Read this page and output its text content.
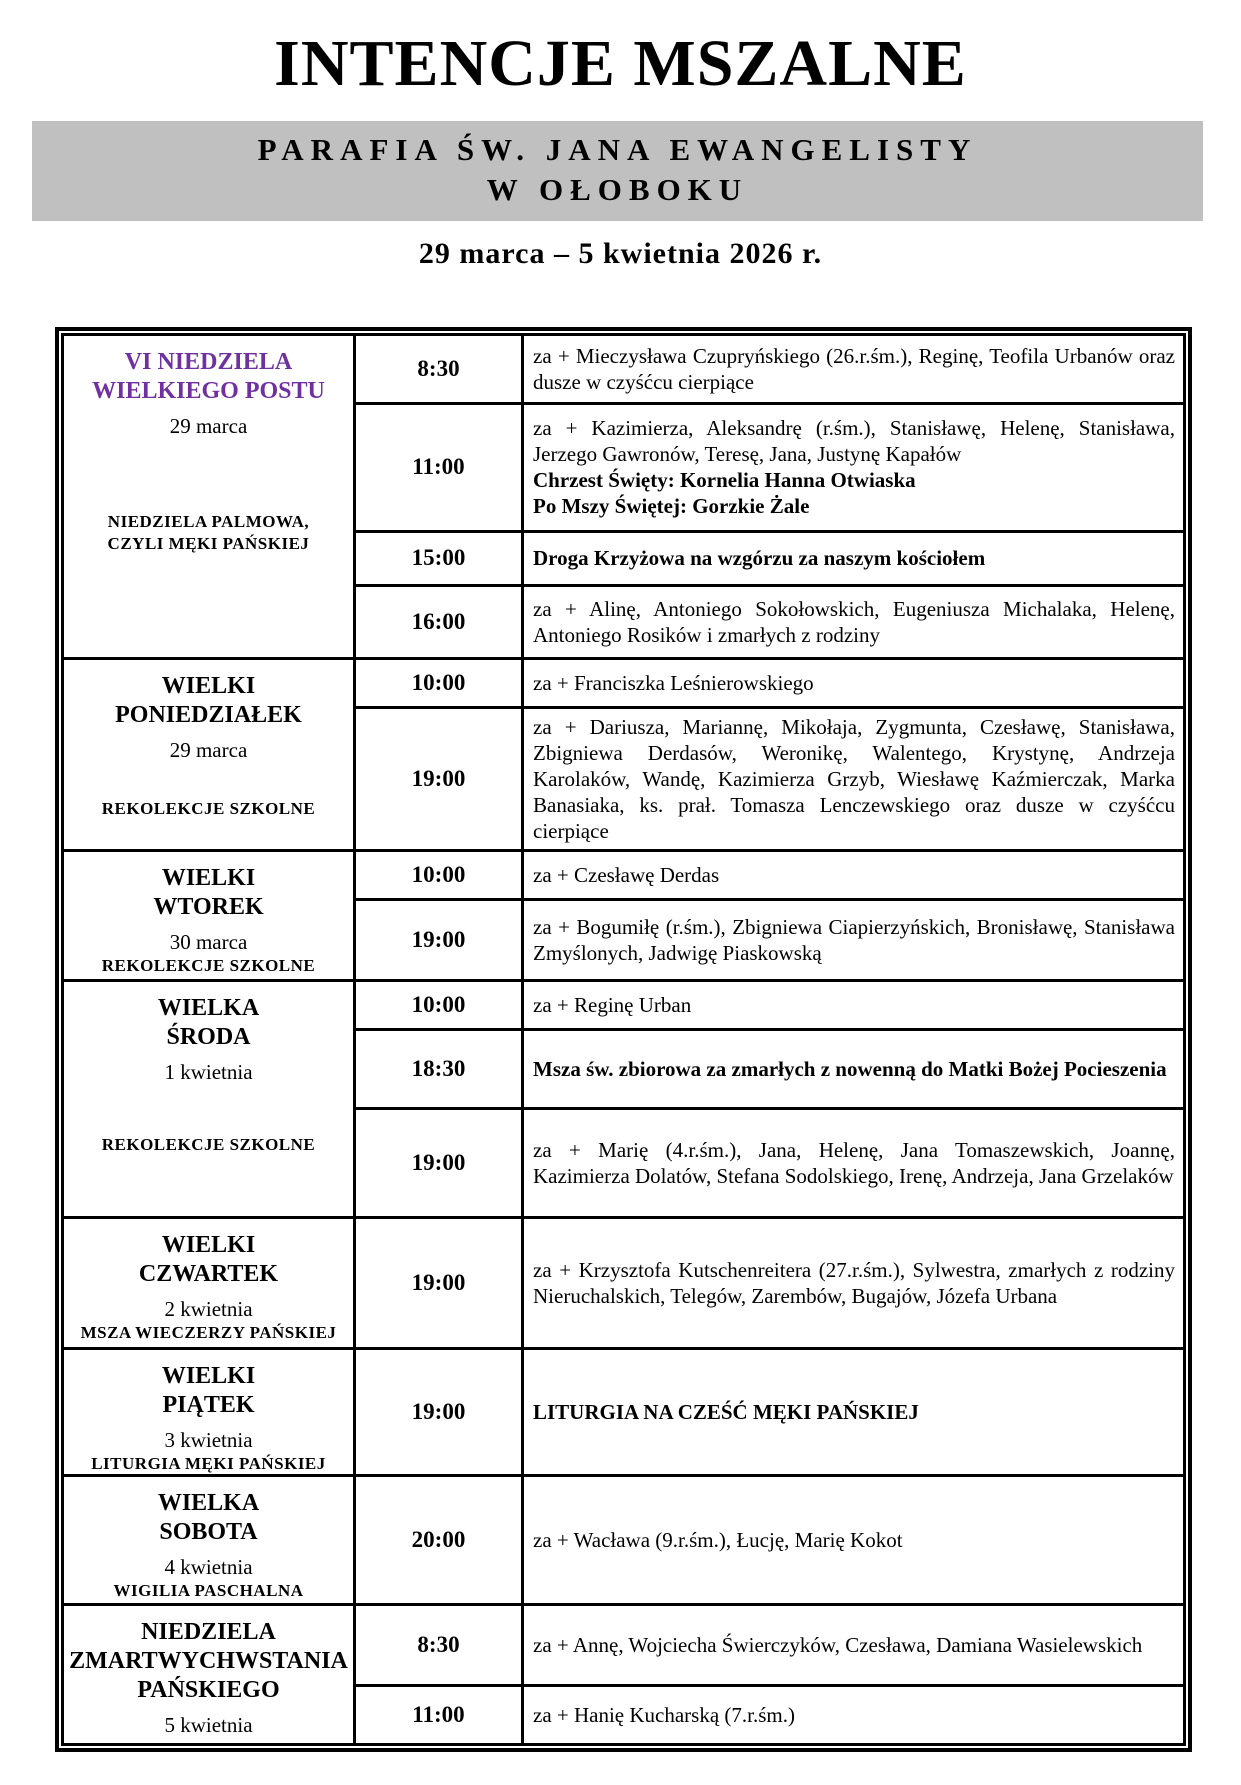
INTENCJE MSZALNE
PARAFIA ŚW. JANA EWANGELISTY
W OŁOBOKU
29 marca – 5 kwietnia 2026 r.
VI NIEDZIELA
WIELKIEGO POSTU
29 marca
NIEDZIELA PALMOWA,
CZYLI MĘKI PAŃSKIEJ	8:30	za + Mieczysława Czupryńskiego (26.r.śm.), Reginę, Teofila Urbanów oraz dusze w czyśćcu cierpiące

	11:00	za + Kazimierza, Aleksandrę (r.śm.), Stanisławę, Helenę, Stanisława, Jerzego Gawronów, Teresę, Jana, Justynę Kapałów

Chrzest Święty: Kornelia Hanna Otwiaska

Po Mszy Świętej: Gorzkie Żale

	15:00	Droga Krzyżowa na wzgórzu za naszym kościołem

	16:00	za + Alinę, Antoniego Sokołowskich, Eugeniusza Michalaka, Helenę, Antoniego Rosików i zmarłych z rodziny

WIELKI
PONIEDZIAŁEK
29 marca
REKOLEKCJE SZKOLNE	10:00	za + Franciszka Leśnierowskiego

	19:00	za + Dariusza, Mariannę, Mikołaja, Zygmunta, Czesławę, Stanisława, Zbigniewa Derdasów, Weronikę, Walentego, Krystynę, Andrzeja Karolaków, Wandę, Kazimierza Grzyb, Wiesławę Kaźmierczak, Marka Banasiaka, ks. prał. Tomasza Lenczewskiego oraz dusze w czyśćcu cierpiące

WIELKI
WTOREK
30 marca
REKOLEKCJE SZKOLNE	10:00	za + Czesławę Derdas

	19:00	za + Bogumiłę (r.śm.), Zbigniewa Ciapierzyńskich, Bronisławę, Stanisława Zmyślonych, Jadwigę Piaskowską

WIELKA
ŚRODA
1 kwietnia
REKOLEKCJE SZKOLNE	10:00	za + Reginę Urban

	18:30	Msza św. zbiorowa za zmarłych z nowenną do Matki Bożej Pocieszenia

	19:00	za + Marię (4.r.śm.), Jana, Helenę, Jana Tomaszewskich, Joannę, Kazimierza Dolatów, Stefana Sodolskiego, Irenę, Andrzeja, Jana Grzelaków

WIELKI
CZWARTEK
2 kwietnia
MSZA WIECZERZY PAŃSKIEJ	19:00	za + Krzysztofa Kutschenreitera (27.r.śm.), Sylwestra, zmarłych z rodziny Nieruchalskich, Telegów, Zarembów, Bugajów, Józefa Urbana

WIELKI
PIĄTEK
3 kwietnia
LITURGIA MĘKI PAŃSKIEJ	19:00	LITURGIA NA CZEŚĆ MĘKI PAŃSKIEJ

WIELKA
SOBOTA
4 kwietnia
WIGILIA PASCHALNA	20:00	za + Wacława (9.r.śm.), Łucję, Marię Kokot

NIEDZIELA
ZMARTWYCHWSTANIA
PAŃSKIEGO
5 kwietnia	8:30	za + Annę, Wojciecha Świerczyków, Czesława, Damiana Wasielewskich

	11:00	za + Hanię Kucharską (7.r.śm.)
